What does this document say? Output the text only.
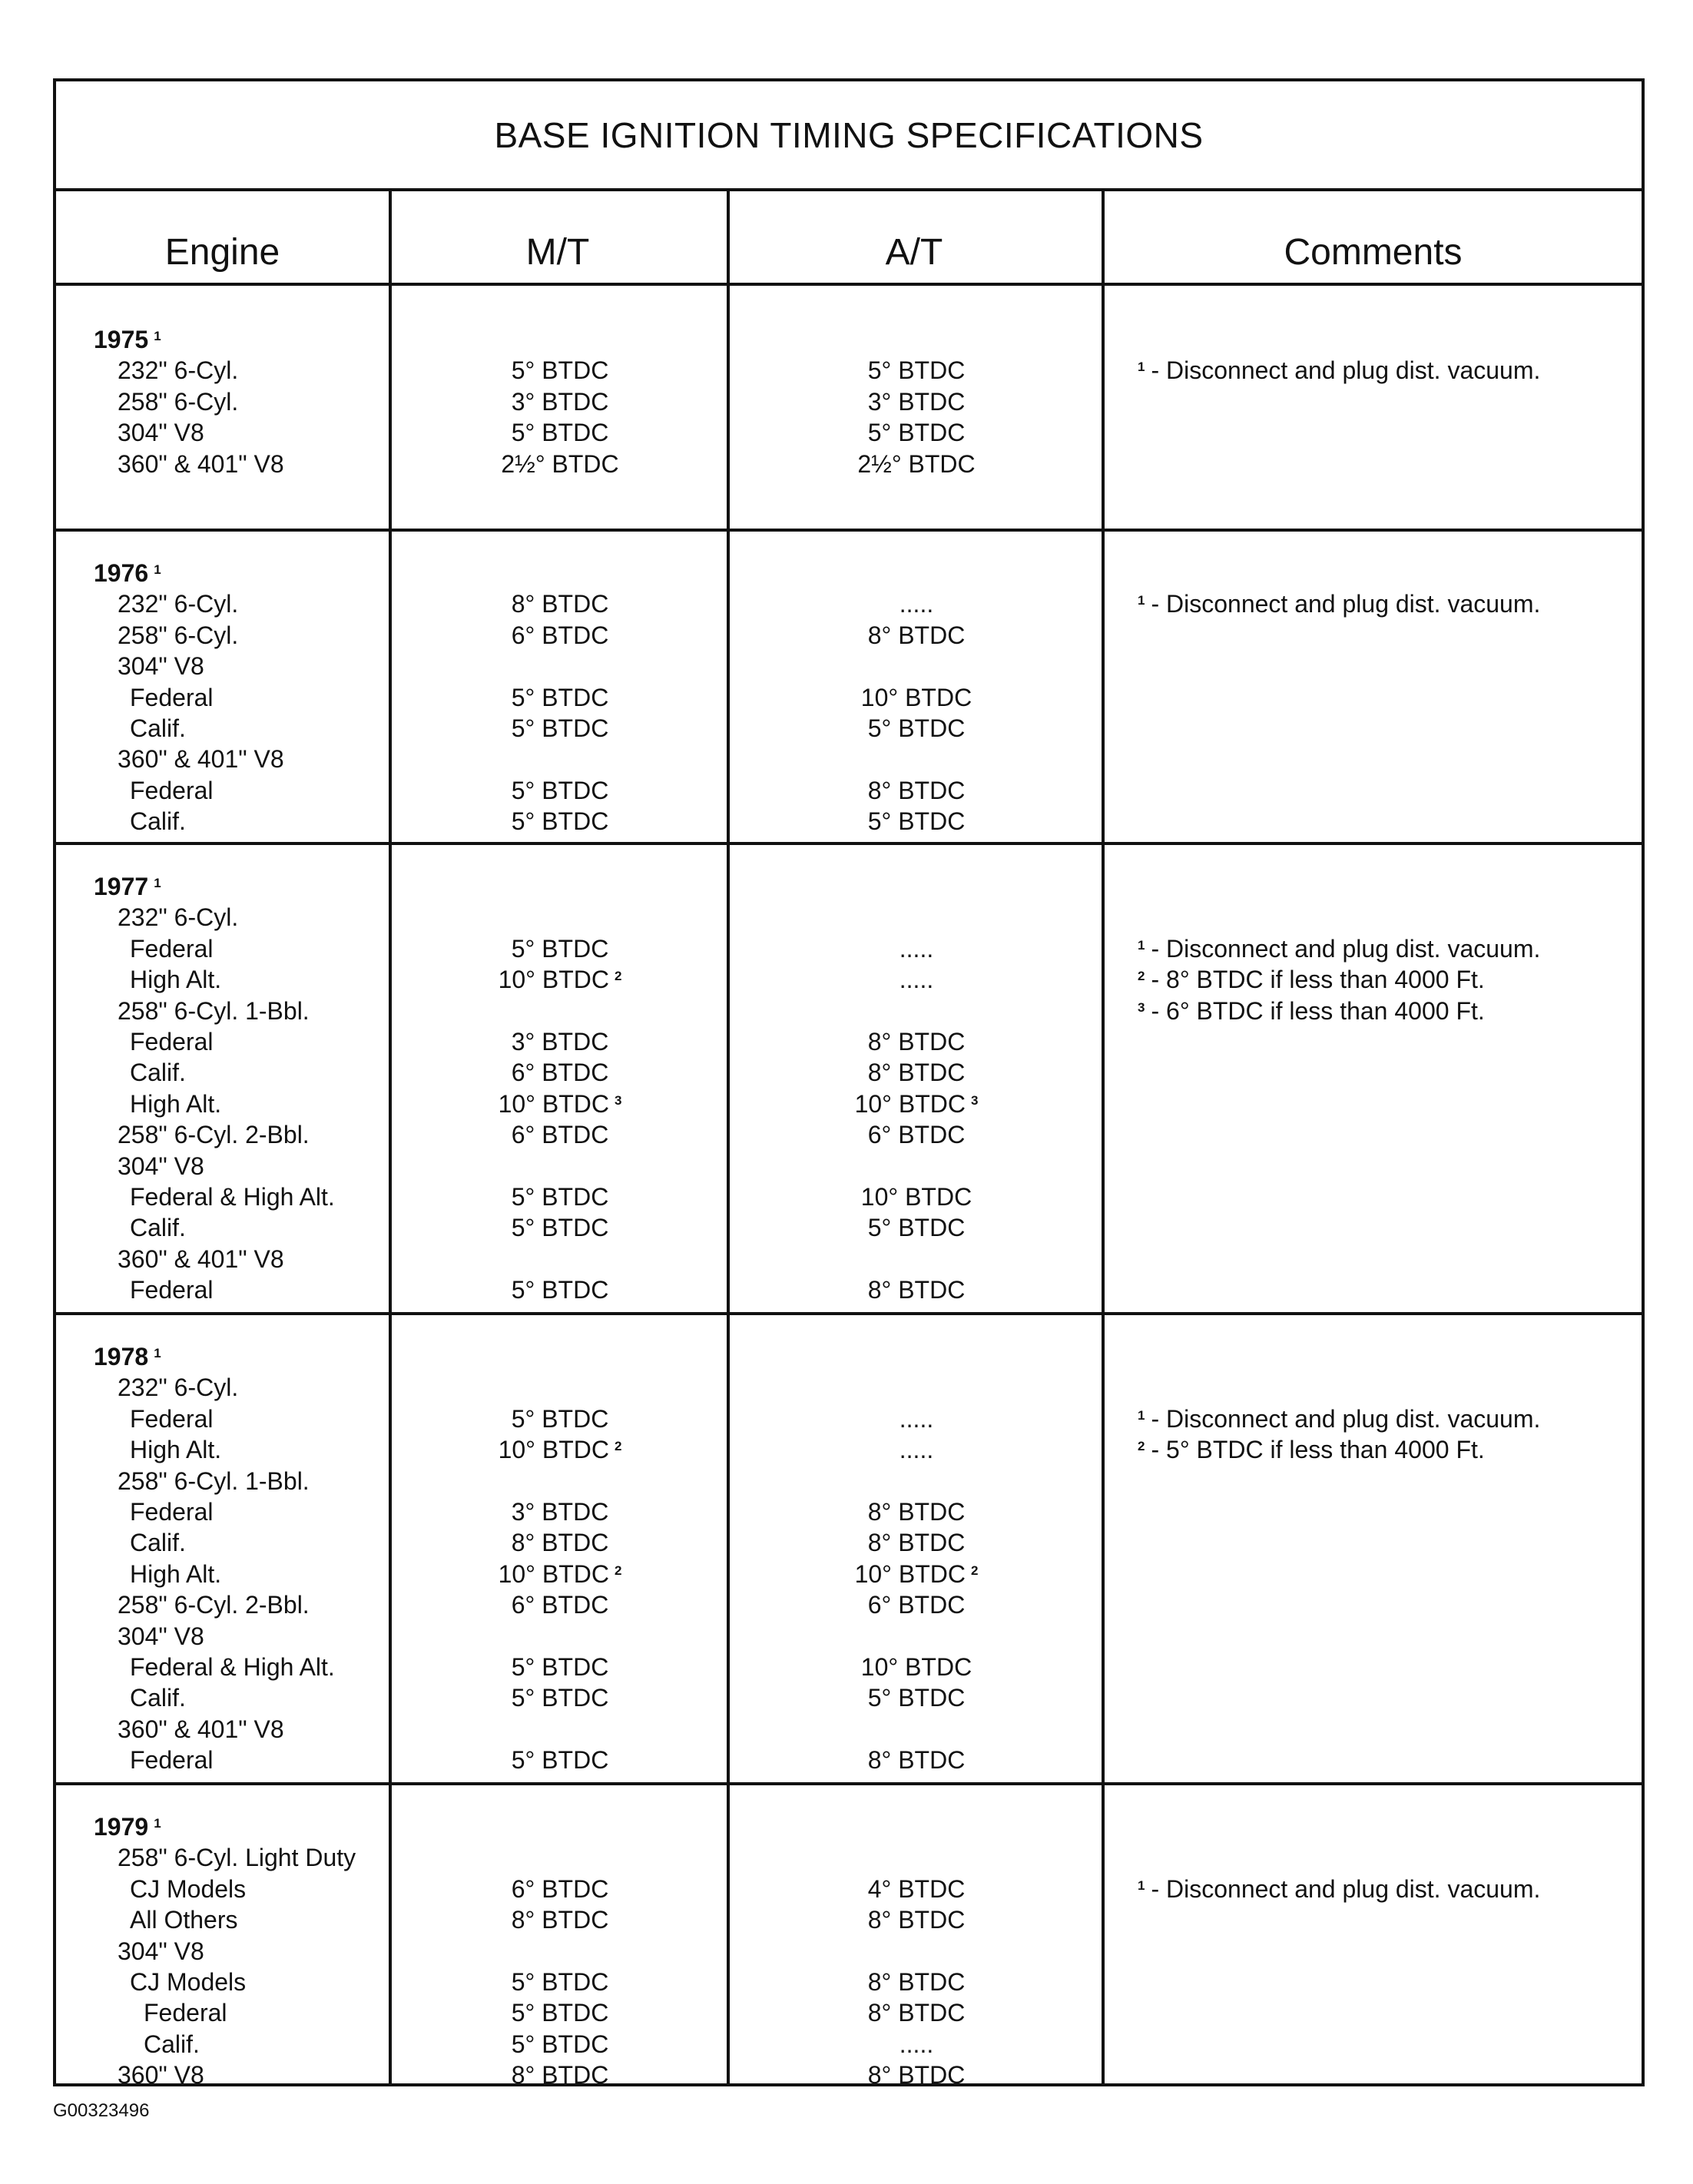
BASE IGNITION TIMING SPECIFICATIONS
Engine	M/T	A/T	Comments
1975 $^1$
232" 6-Cyl.	5° BTDC	5° BTDC
258" 6-Cyl.	3° BTDC	3° BTDC
304" V8	5° BTDC	5° BTDC
360" & 401" V8	2½° BTDC	2½° BTDC
$^1$ - Disconnect and plug dist. vacuum.
1976 $^1$
232" 6-Cyl.	8° BTDC	.....
258" 6-Cyl.	6° BTDC	8° BTDC
304" V8
Federal	5° BTDC	10° BTDC
Calif.	5° BTDC	5° BTDC
360" & 401" V8
Federal	5° BTDC	8° BTDC
Calif.	5° BTDC	5° BTDC
$^1$ - Disconnect and plug dist. vacuum.
1977 $^1$
232" 6-Cyl.
Federal	5° BTDC	.....
High Alt.	10° BTDC $^2$	.....
258" 6-Cyl. 1-Bbl.
Federal	3° BTDC	8° BTDC
Calif.	6° BTDC	8° BTDC
High Alt.	10° BTDC $^3$	10° BTDC $^3$
258" 6-Cyl. 2-Bbl.	6° BTDC	6° BTDC
304" V8
Federal & High Alt.	5° BTDC	10° BTDC
Calif.	5° BTDC	5° BTDC
360" & 401" V8
Federal	5° BTDC	8° BTDC
$^1$ - Disconnect and plug dist. vacuum.
$^2$ - 8° BTDC if less than 4000 Ft.
$^3$ - 6° BTDC if less than 4000 Ft.
1978 $^1$
232" 6-Cyl.
Federal	5° BTDC	.....
High Alt.	10° BTDC $^2$	.....
258" 6-Cyl. 1-Bbl.
Federal	3° BTDC	8° BTDC
Calif.	8° BTDC	8° BTDC
High Alt.	10° BTDC $^2$	10° BTDC $^2$
258" 6-Cyl. 2-Bbl.	6° BTDC	6° BTDC
304" V8
Federal & High Alt.	5° BTDC	10° BTDC
Calif.	5° BTDC	5° BTDC
360" & 401" V8
Federal	5° BTDC	8° BTDC
$^1$ - Disconnect and plug dist. vacuum.
$^2$ - 5° BTDC if less than 4000 Ft.
1979 $^1$
258" 6-Cyl. Light Duty
CJ Models	6° BTDC	4° BTDC
All Others	8° BTDC	8° BTDC
304" V8
CJ Models	5° BTDC	8° BTDC
Federal	5° BTDC	8° BTDC
Calif.	5° BTDC	.....
360" V8	8° BTDC	8° BTDC
$^1$ - Disconnect and plug dist. vacuum.
G00323496
